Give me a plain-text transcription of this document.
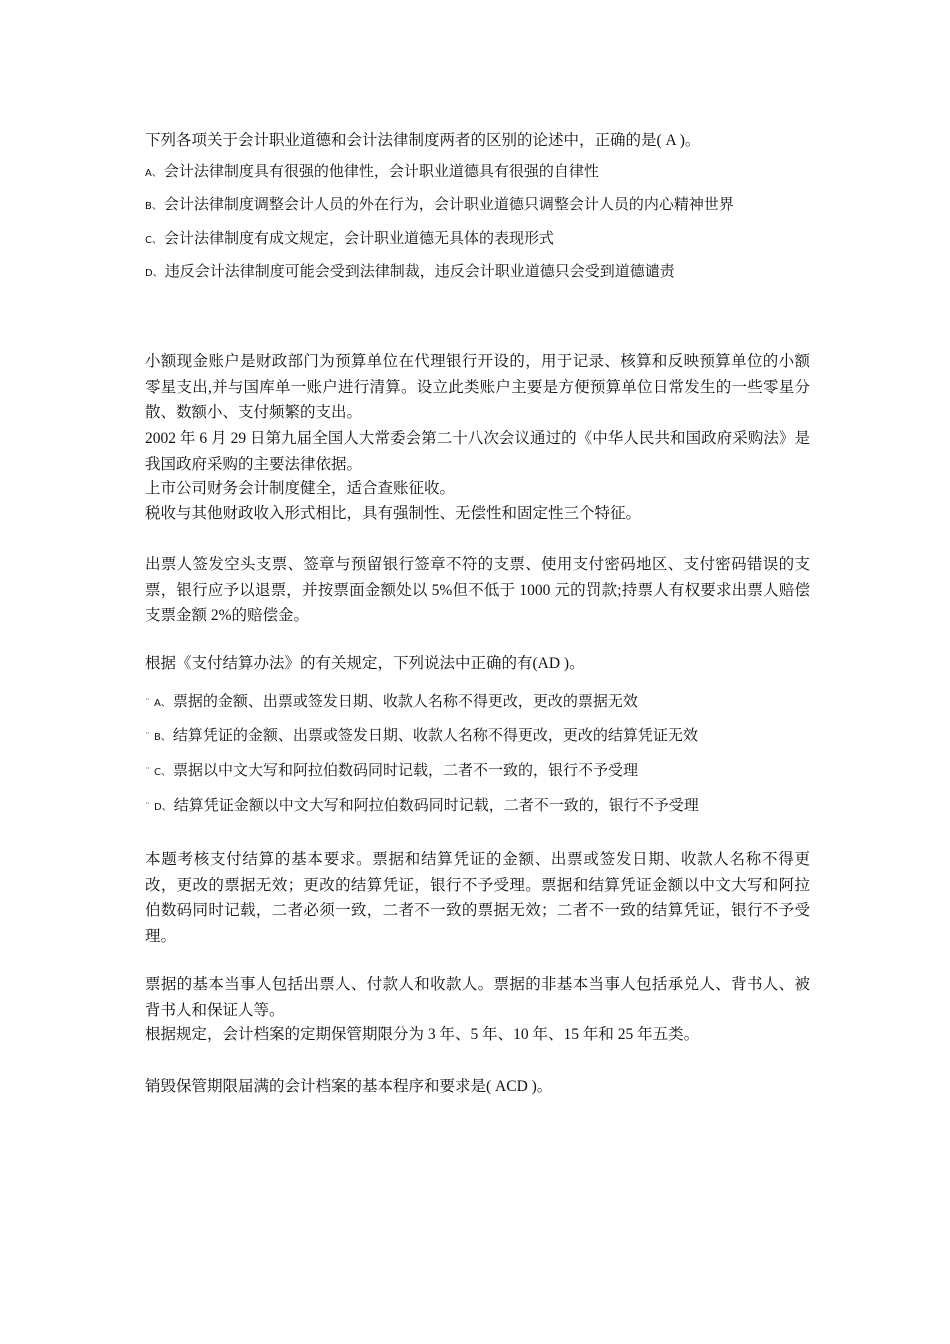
下列各项关于会计职业道德和会计法律制度两者的区别的论述中，正确的是( A )。
A、 会计法律制度具有很强的他律性，会计职业道德具有很强的自律性
B、 会计法律制度调整会计人员的外在行为，会计职业道德只调整会计人员的内心精神世界
C、 会计法律制度有成文规定，会计职业道德无具体的表现形式
D、 违反会计法律制度可能会受到法律制裁，违反会计职业道德只会受到道德谴责
小额现金账户是财政部门为预算单位在代理银行开设的，用于记录、核算和反映预算单位的小额零星支出,并与国库单一账户进行清算。设立此类账户主要是方便预算单位日常发生的一些零星分散、数额小、支付频繁的支出。
2002 年 6 月 29 日第九届全国人大常委会第二十八次会议通过的《中华人民共和国政府采购法》是我国政府采购的主要法律依据。
上市公司财务会计制度健全，适合查账征收。
税收与其他财政收入形式相比，具有强制性、无偿性和固定性三个特征。
出票人签发空头支票、签章与预留银行签章不符的支票、使用支付密码地区、支付密码错误的支票，银行应予以退票，并按票面金额处以 5%但不低于 1000 元的罚款;持票人有权要求出票人赔偿支票金额 2%的赔偿金。
根据《支付结算办法》的有关规定，下列说法中正确的有(AD )。
¨ A、 票据的金额、出票或签发日期、收款人名称不得更改，更改的票据无效
¨ B、 结算凭证的金额、出票或签发日期、收款人名称不得更改，更改的结算凭证无效
¨ C、 票据以中文大写和阿拉伯数码同时记载，二者不一致的，银行不予受理
¨ D、 结算凭证金额以中文大写和阿拉伯数码同时记载，二者不一致的，银行不予受理
本题考核支付结算的基本要求。票据和结算凭证的金额、出票或签发日期、收款人名称不得更改，更改的票据无效；更改的结算凭证，银行不予受理。票据和结算凭证金额以中文大写和阿拉伯数码同时记载，二者必须一致，二者不一致的票据无效；二者不一致的结算凭证，银行不予受理。
票据的基本当事人包括出票人、付款人和收款人。票据的非基本当事人包括承兑人、背书人、被背书人和保证人等。
根据规定，会计档案的定期保管期限分为 3 年、5 年、10 年、15 年和 25 年五类。
销毁保管期限届满的会计档案的基本程序和要求是( ACD )。
